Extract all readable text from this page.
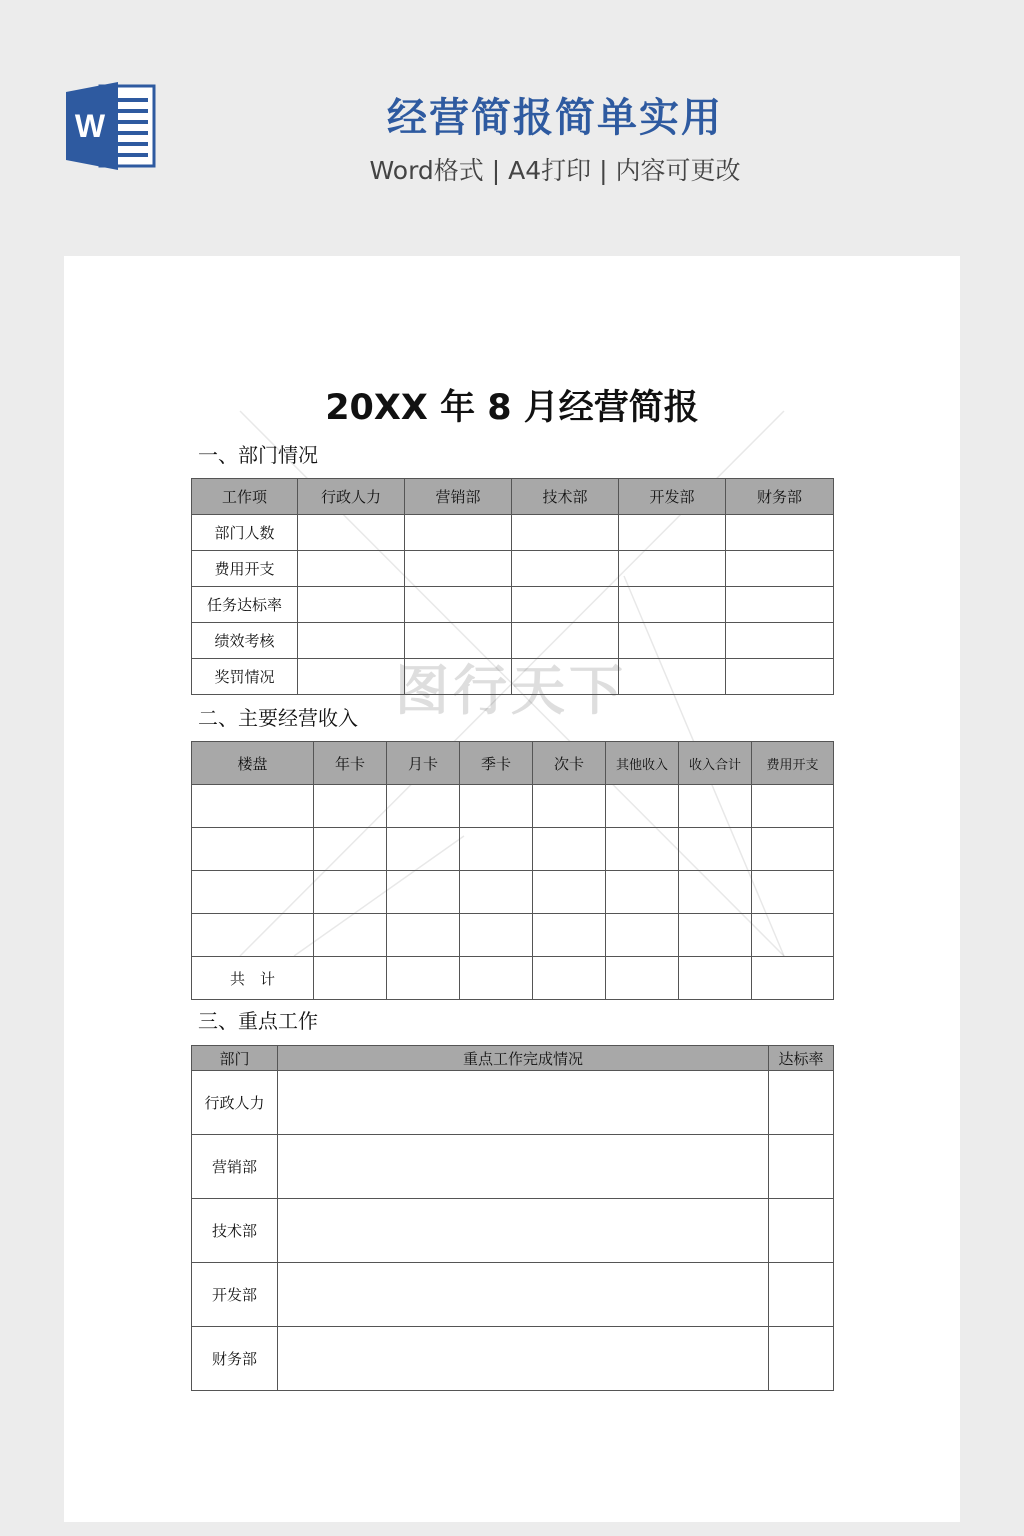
W	经营简报简单实用
Word格式 | A4打印 | 内容可更改
图行天下
20XX 年 8 月经营简报
一、部门情况
工作项	行政人力	营销部	技术部	开发部	财务部
部门人数					
费用开支					
任务达标率					
绩效考核					
奖罚情况					
二、主要经营收入
楼盘	年卡	月卡	季卡	次卡	其他收入	收入合计	费用开支

共　计							
三、重点工作
部门	重点工作完成情况	达标率
行政人力		
营销部		
技术部		
开发部		
财务部		
